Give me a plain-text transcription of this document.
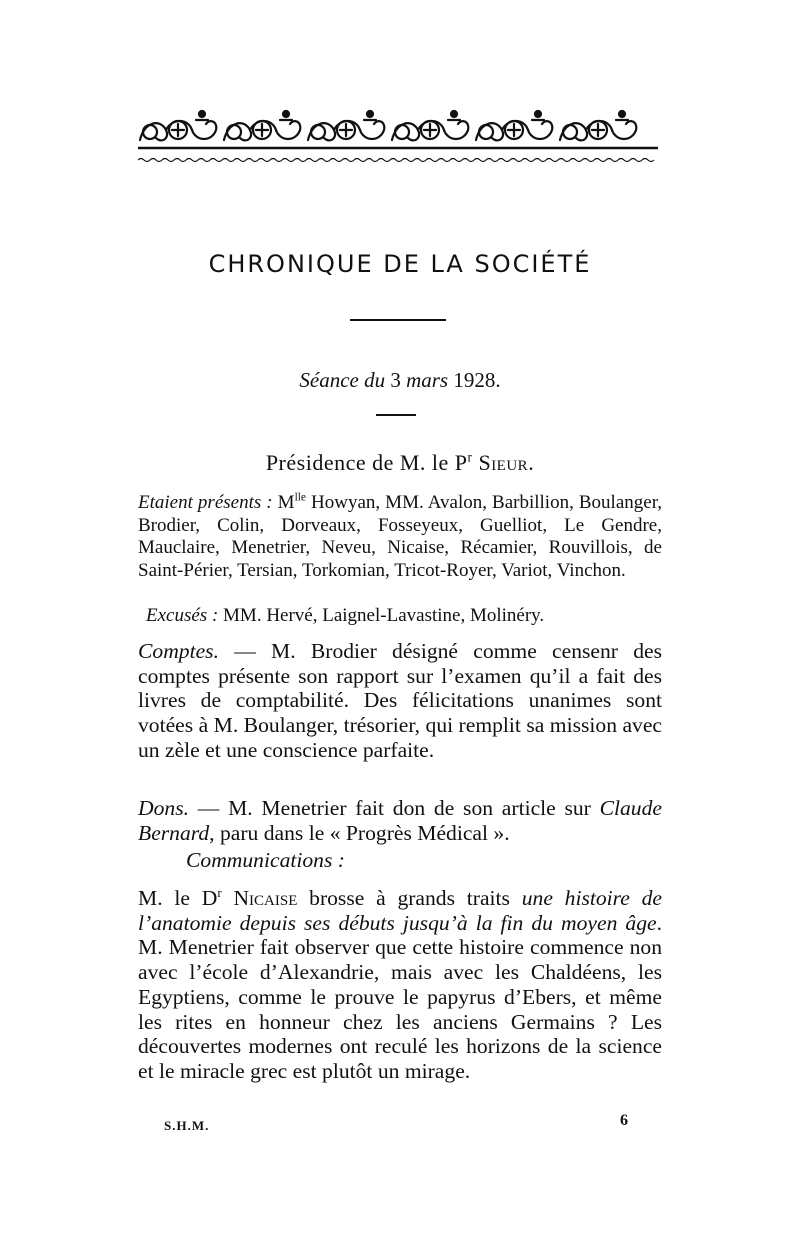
CHRONIQUE DE LA SOCIÉTÉ
Séance du 3 mars 1928.
Présidence de M. le $P^r$ Sieur.

Etaient présents : $M^{lle}$ Howyan, MM. Avalon, Barbillion, Boulanger, Brodier, Colin, Dorveaux, Fosseyeux, Guelliot, Le Gendre, Mauclaire, Menetrier, Neveu, Nicaise, Récamier, Rouvillois, de Saint-Périer, Tersian, Torkomian, Tricot-Royer, Variot, Vinchon.

Excusés : MM. Hervé, Laignel-Lavastine, Molinéry.

Comptes. — M. Brodier désigné comme censenr des comptes présente son rapport sur l’examen qu’il a fait des livres de comptabilité. Des félicitations unanimes sont votées à M. Boulanger, trésorier, qui remplit sa mission avec un zèle et une conscience parfaite.

Dons. — M. Menetrier fait don de son article sur Claude Bernard, paru dans le « Progrès Médical ».

Communications :

M. le $D^r$ Nicaise brosse à grands traits une histoire de l’anatomie depuis ses débuts jusqu’à la fin du moyen âge. M. Menetrier fait observer que cette histoire commence non avec l’école d’Alexandrie, mais avec les Chaldéens, les Egyptiens, comme le prouve le papyrus d’Ebers, et même les rites en honneur chez les anciens Germains ? Les découvertes modernes ont reculé les horizons de la science et le miracle grec est plutôt un mirage.

S.H.M.	6
